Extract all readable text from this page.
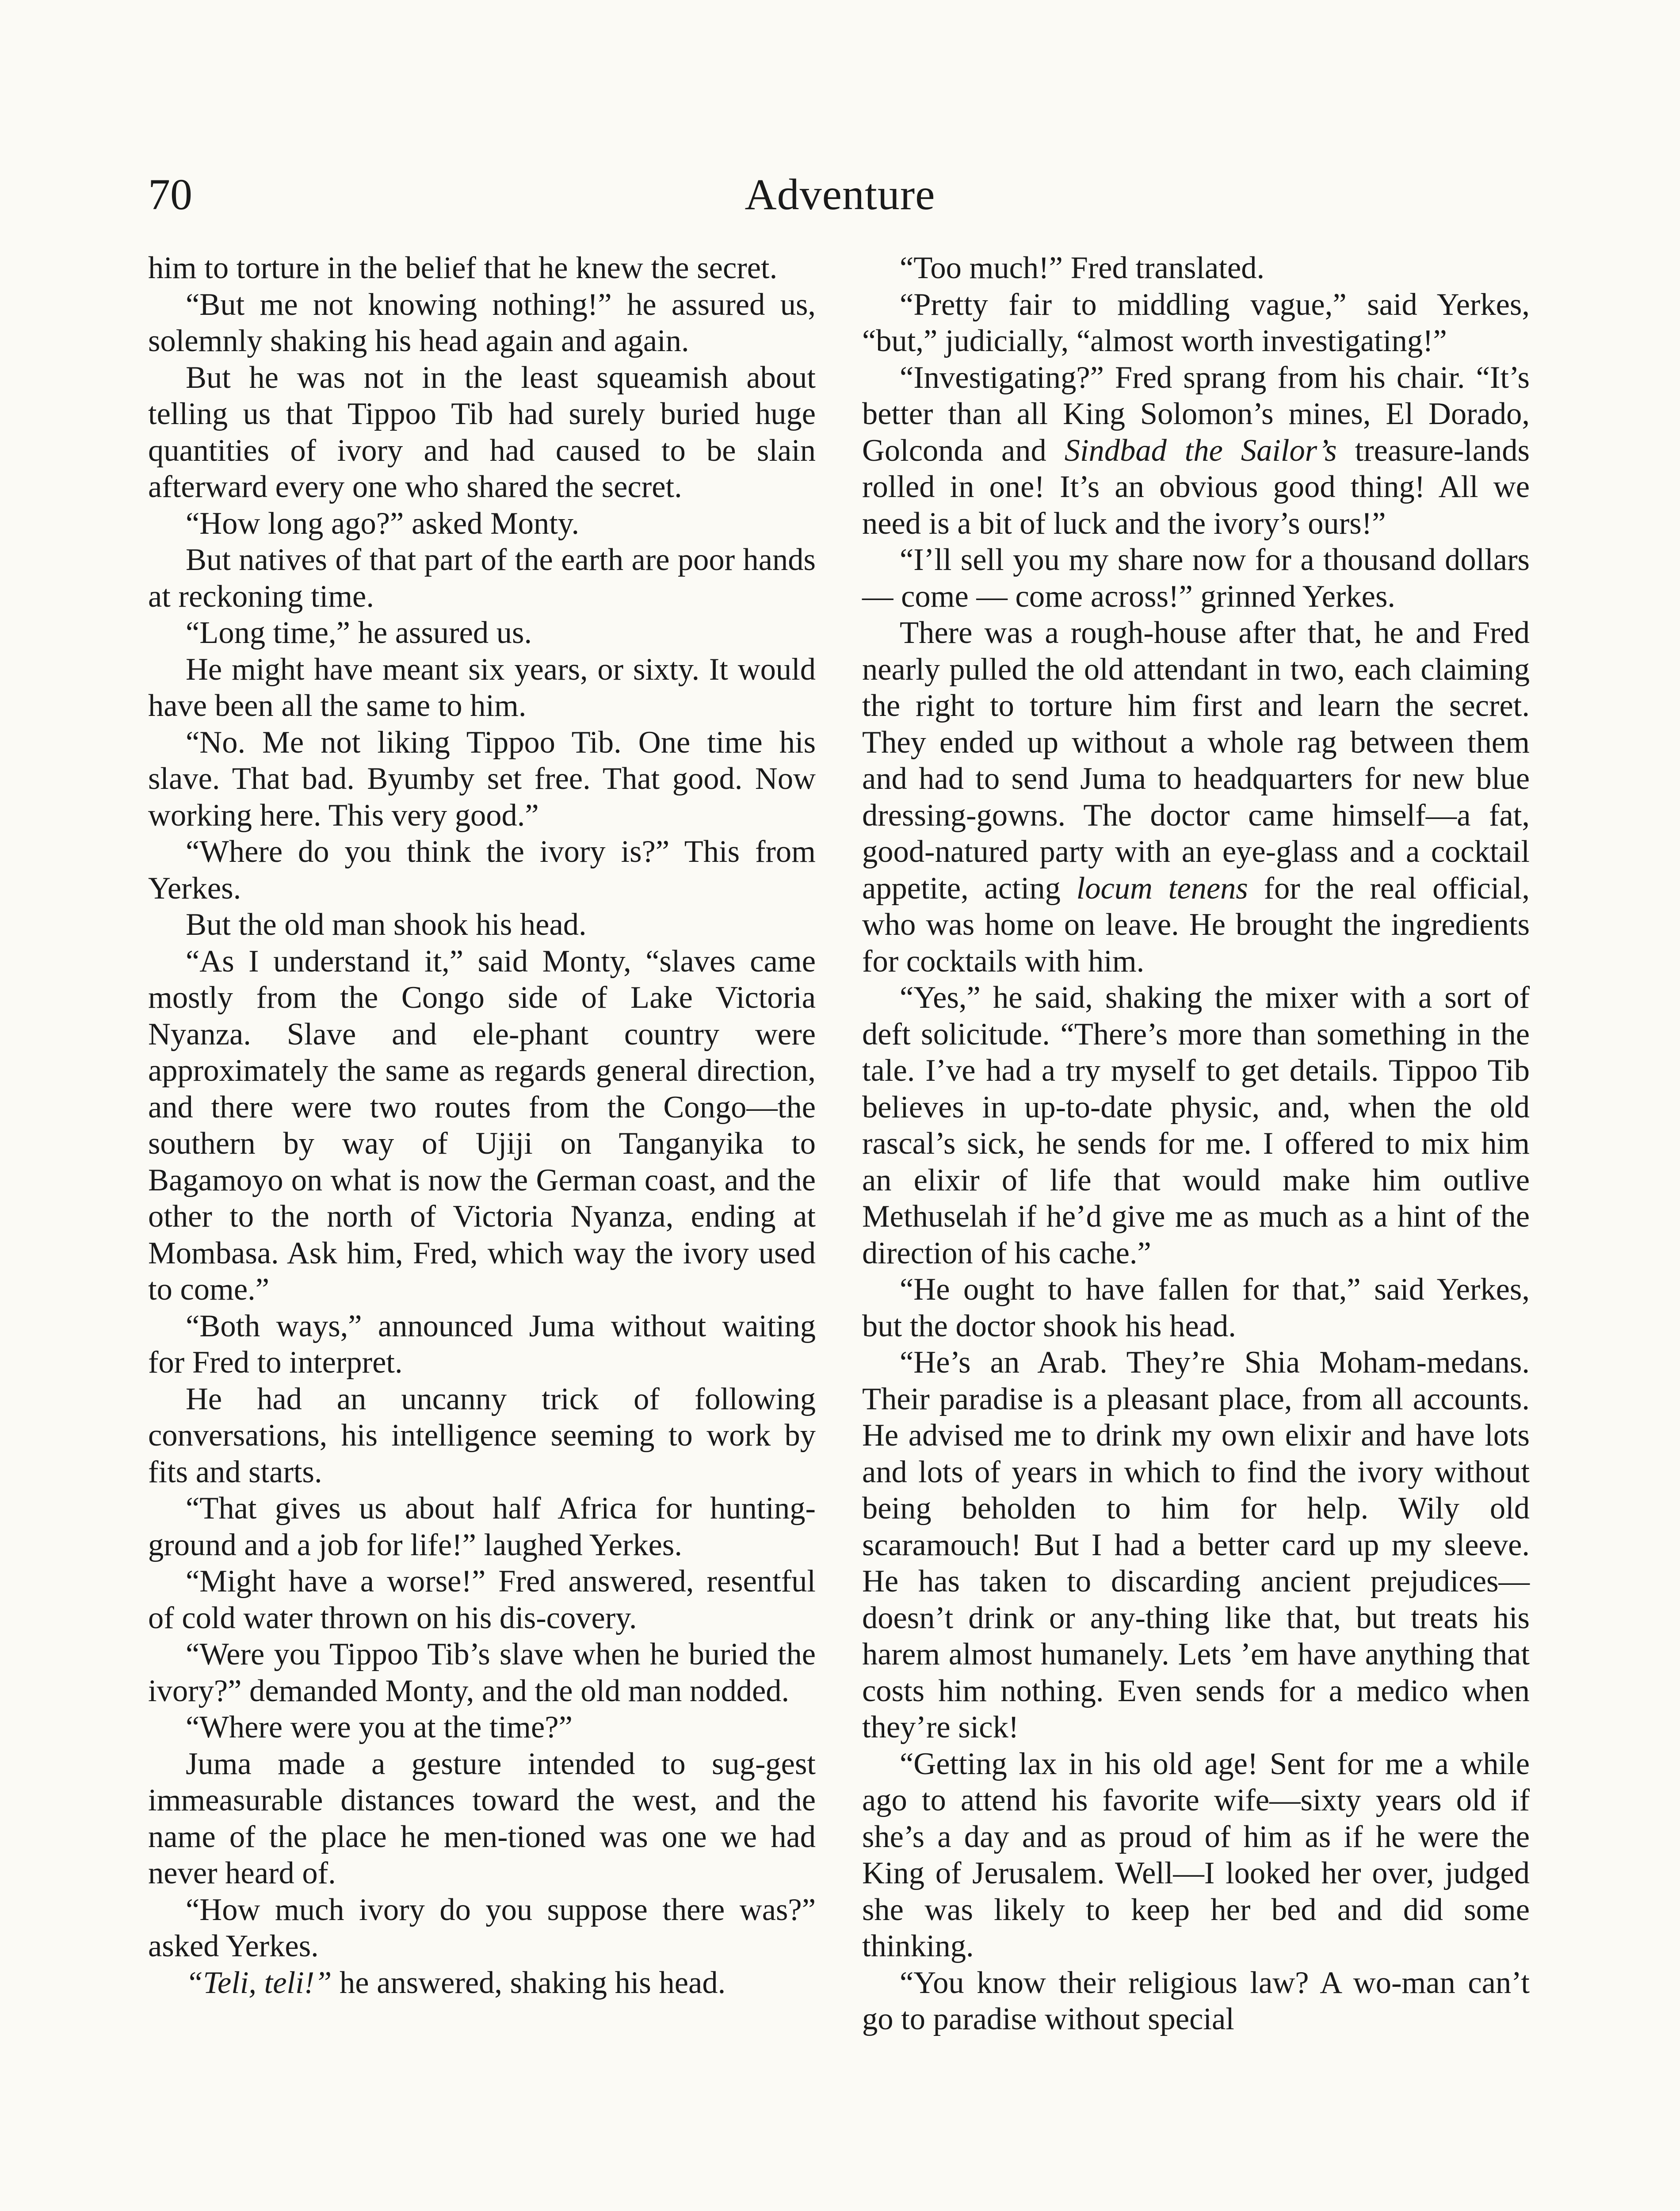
70	Adventure

him to torture in the belief that he knew the secret.

“But me not knowing nothing!” he assured us, solemnly shaking his head again and again.

But he was not in the least squeamish about telling us that Tippoo Tib had surely buried huge quantities of ivory and had caused to be slain afterward every one who shared the secret.

“How long ago?” asked Monty.

But natives of that part of the earth are poor hands at reckoning time.

“Long time,” he assured us.

He might have meant six years, or sixty. It would have been all the same to him.

“No. Me not liking Tippoo Tib. One time his slave. That bad. Byumby set free. That good. Now working here. This very good.”

“Where do you think the ivory is?” This from Yerkes.

But the old man shook his head.

“As I understand it,” said Monty, “slaves came mostly from the Congo side of Lake Victoria Nyanza. Slave and ele-phant country were approximately the same as regards general direction, and there were two routes from the Congo—the southern by way of Ujiji on Tanganyika to Bagamoyo on what is now the German coast, and the other to the north of Victoria Nyanza, ending at Mombasa. Ask him, Fred, which way the ivory used to come.”

“Both ways,” announced Juma without waiting for Fred to interpret.

He had an uncanny trick of following conversations, his intelligence seeming to work by fits and starts.

“That gives us about half Africa for hunting-ground and a job for life!” laughed Yerkes.

“Might have a worse!” Fred answered, resentful of cold water thrown on his dis-covery.

“Were you Tippoo Tib’s slave when he buried the ivory?” demanded Monty, and the old man nodded.

“Where were you at the time?”

Juma made a gesture intended to sug-gest immeasurable distances toward the west, and the name of the place he men-tioned was one we had never heard of.

“How much ivory do you suppose there was?” asked Yerkes.

“Teli, teli!” he answered, shaking his head.

“Too much!” Fred translated.

“Pretty fair to middling vague,” said Yerkes, “but,” judicially, “almost worth investigating!”

“Investigating?” Fred sprang from his chair. “It’s better than all King Solomon’s mines, El Dorado, Golconda and Sindbad the Sailor’s treasure-lands rolled in one! It’s an obvious good thing! All we need is a bit of luck and the ivory’s ours!”

“I’ll sell you my share now for a thousand dollars — come — come across!” grinned Yerkes.

There was a rough-house after that, he and Fred nearly pulled the old attendant in two, each claiming the right to torture him first and learn the secret. They ended up without a whole rag between them and had to send Juma to headquarters for new blue dressing-gowns. The doctor came himself—a fat, good-natured party with an eye-glass and a cocktail appetite, acting locum tenens for the real official, who was home on leave. He brought the ingredients for cocktails with him.

“Yes,” he said, shaking the mixer with a sort of deft solicitude. “There’s more than something in the tale. I’ve had a try myself to get details. Tippoo Tib believes in up-to-date physic, and, when the old rascal’s sick, he sends for me. I offered to mix him an elixir of life that would make him outlive Methuselah if he’d give me as much as a hint of the direction of his cache.”

“He ought to have fallen for that,” said Yerkes, but the doctor shook his head.

“He’s an Arab. They’re Shia Moham-medans. Their paradise is a pleasant place, from all accounts. He advised me to drink my own elixir and have lots and lots of years in which to find the ivory without being beholden to him for help. Wily old scaramouch! But I had a better card up my sleeve. He has taken to discarding ancient prejudices—doesn’t drink or any-thing like that, but treats his harem almost humanely. Lets ’em have anything that costs him nothing. Even sends for a medico when they’re sick!

“Getting lax in his old age! Sent for me a while ago to attend his favorite wife—sixty years old if she’s a day and as proud of him as if he were the King of Jerusalem. Well—I looked her over, judged she was likely to keep her bed and did some thinking.

“You know their religious law? A wo-man can’t go to paradise without special
